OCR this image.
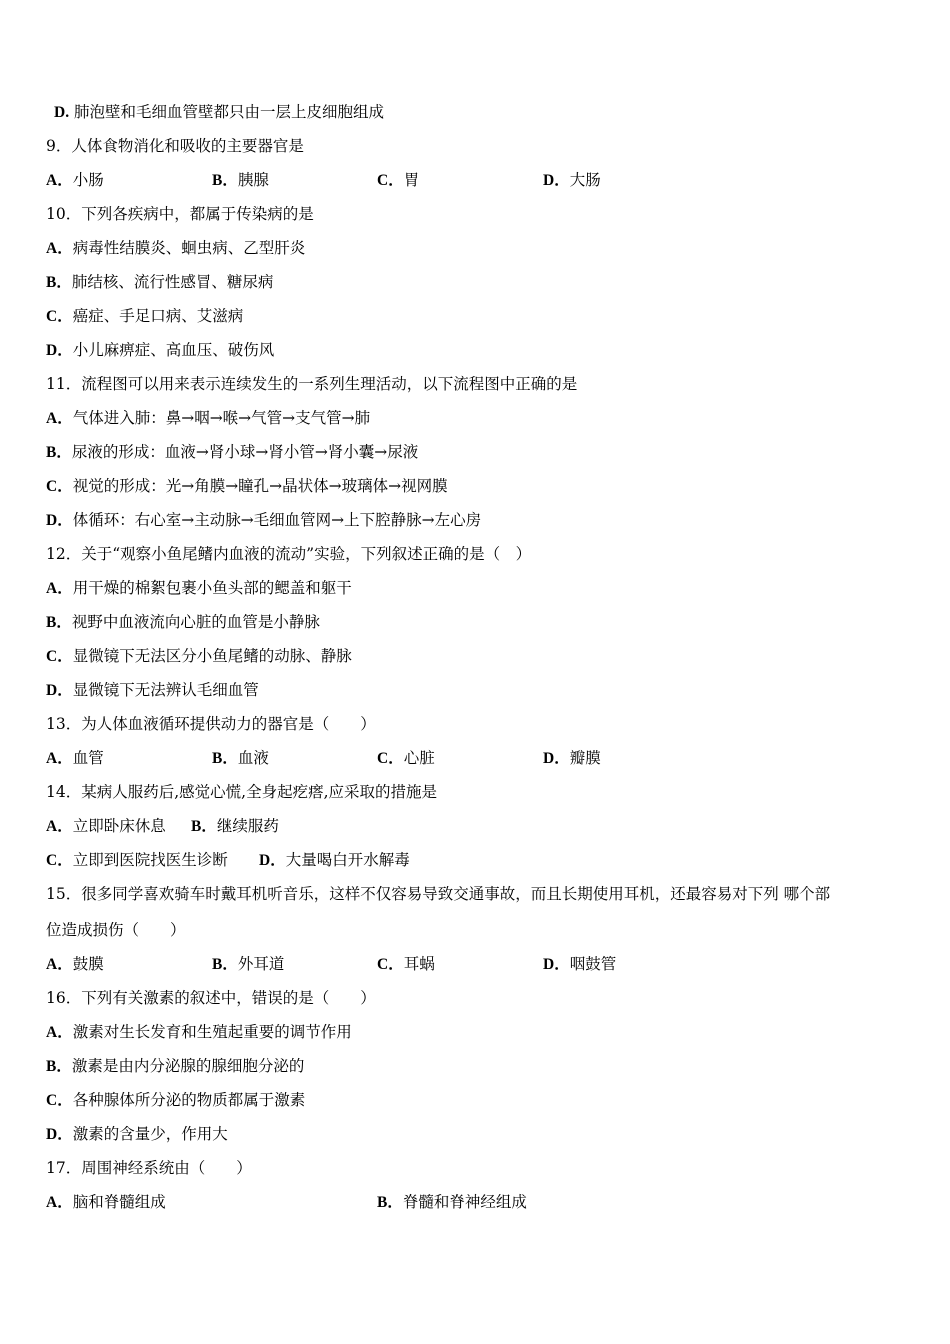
D. 肺泡壁和毛细血管壁都只由一层上皮细胞组成
9．人体食物消化和吸收的主要器官是
A．小肠	B．胰腺	C．胃	D．大肠
10．下列各疾病中，都属于传染病的是
A．病毒性结膜炎、蛔虫病、乙型肝炎
B．肺结核、流行性感冒、糖尿病
C．癌症、手足口病、艾滋病
D．小儿麻痹症、高血压、破伤风
11．流程图可以用来表示连续发生的一系列生理活动，以下流程图中正确的是
A．气体进入肺：鼻→咽→喉→气管→支气管→肺
B．尿液的形成：血液→肾小球→肾小管→肾小囊→尿液
C．视觉的形成：光→角膜→瞳孔→晶状体→玻璃体→视网膜
D．体循环：右心室→主动脉→毛细血管网→上下腔静脉→左心房
12．关于“观察小鱼尾鳍内血液的流动”实验，下列叙述正确的是（　）
A．用干燥的棉絮包裹小鱼头部的鳃盖和躯干
B．视野中血液流向心脏的血管是小静脉
C．显微镜下无法区分小鱼尾鳍的动脉、静脉
D．显微镜下无法辨认毛细血管
13．为人体血液循环提供动力的器官是（　　）
A．血管	B．血液	C．心脏	D．瓣膜
14．某病人服药后,感觉心慌,全身起疙瘩,应采取的措施是
A．立即卧床休息 B．继续服药
C．立即到医院找医生诊断 D．大量喝白开水解毒
15．很多同学喜欢骑车时戴耳机听音乐，这样不仅容易导致交通事故，而且长期使用耳机，还最容易对下列 哪个部
位造成损伤（　　）
A．鼓膜	B．外耳道	C．耳蜗	D．咽鼓管
16．下列有关激素的叙述中，错误的是（　　）
A．激素对生长发育和生殖起重要的调节作用
B．激素是由内分泌腺的腺细胞分泌的
C．各种腺体所分泌的物质都属于激素
D．激素的含量少，作用大
17．周围神经系统由（　　）
A．脑和脊髓组成	B．脊髓和脊神经组成
